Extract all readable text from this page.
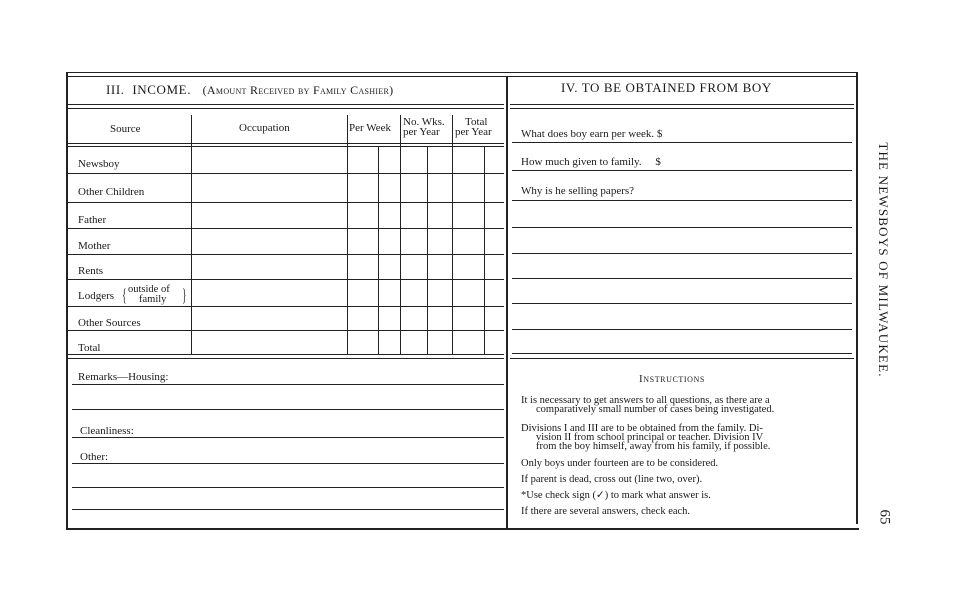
III. INCOME. (Amount Received by Family Cashier)
Source	Occupation	Per Week No. Wks.
per Year
Total
per Year
Newsboy
Other Children
Father
Mother
Rents
Lodgers { outside of
family }
Other Sources
Total
Remarks—Housing:
Cleanliness:
Other:
IV. TO BE OBTAINED FROM BOY
What does boy earn per week. $
How much given to family.     $
Why is he selling papers?
Instructions
It is necessary to get answers to all questions, as there are a
comparatively small number of cases being investigated.
Divisions I and III are to be obtained from the family. Di-
vision II from school principal or teacher. Division IV
from the boy himself, away from his family, if possible.
Only boys under fourteen are to be considered.
If parent is dead, cross out (line two, over).
*Use check sign (✓) to mark what answer is.
If there are several answers, check each.
THE NEWSBOYS OF MILWAUKEE.
65
